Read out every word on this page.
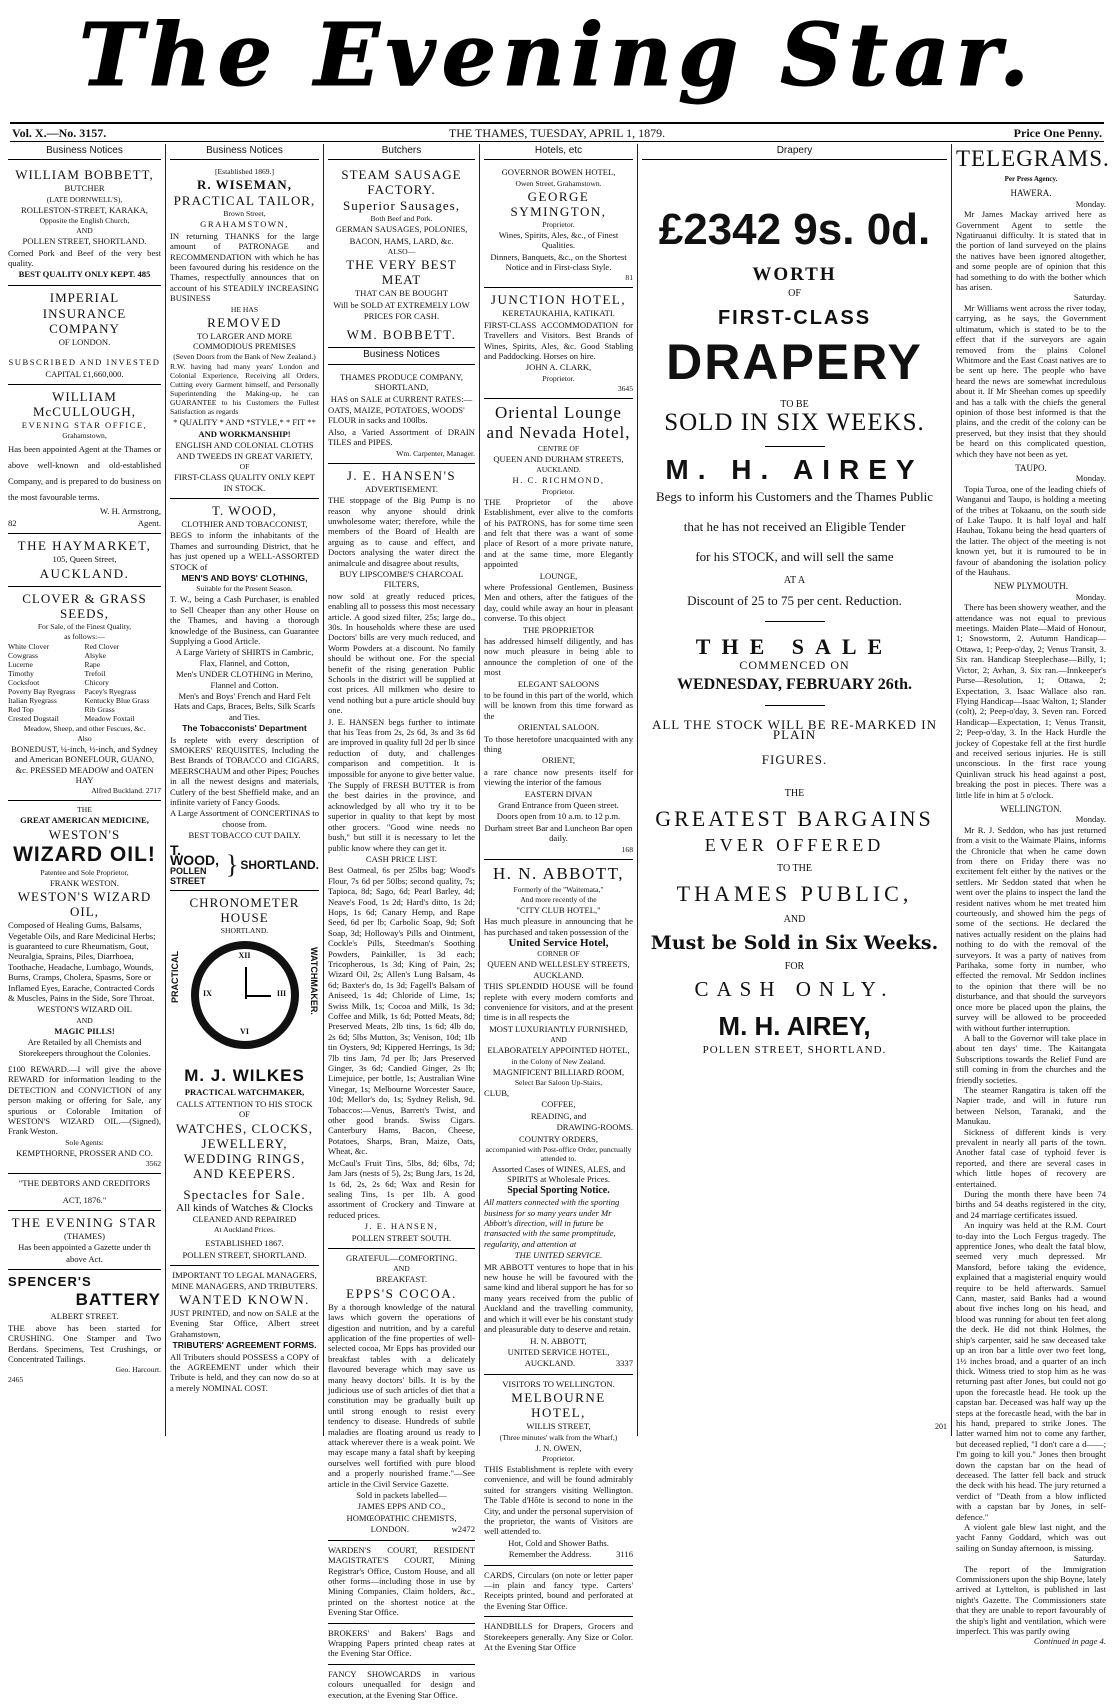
The Evening Star.
Vol. X.—No. 3157.	THE THAMES, TUESDAY, APRIL 1, 1879.	Price One Penny.
Business Notices

WILLIAM BOBBETT,

BUTCHER

(LATE DORNWELL'S),

ROLLESTON-STREET, KARAKA,

Opposite the English Church,

AND

POLLEN STREET, SHORTLAND.

Corned Pork and Beef of the very best quality.

BEST QUALITY ONLY KEPT. 485

IMPERIAL

INSURANCE COMPANY

OF LONDON.

SUBSCRIBED AND INVESTED

CAPITAL £1,660,000.

WILLIAM McCULLOUGH,

EVENING STAR OFFICE,

Grahamstown,

Has been appointed Agent at the Thames or above well-known and old-established Company, and is prepared to do business on the most favourable terms.

W. H. Armstrong,

82	Agent.

THE HAYMARKET,

105, Queen Street,

AUCKLAND.

CLOVER & GRASS SEEDS,

For Sale, of the Finest Quality,

as follows:—

White Clover	Red Clover
Cowgrass	Alsyke
Lucerne	Rape
Timothy	Trefoil
Cocksfoot	Chicory
Poverty Bay Ryegrass	Pacey's Ryegrass
Italian Ryegrass	Kentucky Blue Grass
Red Top	Rib Grass
Crested Dogstail	Meadow Foxtail

Meadow, Sheep, and other Fescues, &c.

Also

BONEDUST, ¼-inch, ½-inch, and Sydney and American BONEFLOUR, GUANO, &c. PRESSED MEADOW and OATEN HAY

Alfred Buckland. 2717

THE

GREAT AMERICAN MEDICINE,

WESTON'S

WIZARD OIL!

Patentee and Sole Proprietor,

FRANK WESTON.

WESTON'S WIZARD OIL,

Composed of Healing Gums, Balsams, Vegetable Oils, and Rare Medicinal Herbs; is guaranteed to cure Rheumatism, Gout, Neuralgia, Sprains, Piles, Diarrhoea, Toothache, Headache, Lumbago, Wounds, Burns, Cramps, Cholera, Spasms, Sore or Inflamed Eyes, Earache, Contracted Cords & Muscles, Pains in the Side, Sore Throat.

WESTON'S WIZARD OIL

AND

MAGIC PILLS!

Are Retailed by all Chemists and Storekeepers throughout the Colonies.

£100 REWARD.—I will give the above REWARD for information leading to the DETECTION and CONVICTION of any person making or offering for Sale, any spurious or Colorable Imitation of WESTON'S WIZARD OIL.—(Signed), Frank Weston.

Sole Agents:

KEMPTHORNE, PROSSER AND CO.

3562

"THE DEBTORS AND CREDITORS

ACT, 1876."

THE EVENING STAR

(THAMES)

Has been appointed a Gazette under th

above Act.

SPENCER'S

BATTERY

ALBERT STREET.

THE above has been started for CRUSHING. One Stamper and Two Berdans. Specimens, Test Crushings, or Concentrated Tailings.

Geo. Harcourt.

2465

Business Notices

[Established 1869.]

R. WISEMAN,

PRACTICAL TAILOR,

Brown Street,

GRAHAMSTOWN,

IN returning THANKS for the large amount of PATRONAGE and RECOMMENDATION with which he has been favoured during his residence on the Thames, respectfully announces that on account of his STEADILY INCREASING BUSINESS

HE HAS

REMOVED

TO LARGER AND MORE COMMODIOUS PREMISES

(Seven Doors from the Bank of New Zealand.)

R.W. having had many years' London and Colonial Experience, Receiving all Orders, Cutting every Garment himself, and Personally Superintending the Making-up, he can GUARANTEE to his Customers the Fullest Satisfaction as regards

* QUALITY * AND *STYLE,* * FIT **

AND WORKMANSHIP!

ENGLISH AND COLONIAL CLOTHS AND TWEEDS IN GREAT VARIETY,

OF

FIRST-CLASS QUALITY ONLY KEPT IN STOCK.

T. WOOD,

CLOTHIER AND TOBACCONIST,

BEGS to inform the inhabitants of the Thames and surrounding District, that he has just opened up a WELL-ASSORTED STOCK of

MEN'S AND BOYS' CLOTHING,

Suitable for the Present Season.

T. W., being a Cash Purchaser, is enabled to Sell Cheaper than any other House on the Thames, and having a thorough knowledge of the Business, can Guarantee Supplying a Good Article.

A Large Variety of SHIRTS in Cambric, Flax, Flannel, and Cotton,

Men's UNDER CLOTHING in Merino, Flannel and Cotton.

Men's and Boys' French and Hard Felt Hats and Caps, Braces, Belts, Silk Scarfs and Ties.

The Tobacconists' Department

Is replete with every description of SMOKERS' REQUISITES, Including the Best Brands of TOBACCO and CIGARS, MEERSCHAUM and other Pipes; Pouches in all the newest designs and materials, Cutlery of the best Sheffield make, and an infinite variety of Fancy Goods.

A Large Assortment of CONCERTINAS to choose from.

BEST TOBACCO CUT DAILY.

T. WOOD,
POLLEN STREET
} SHORTLAND.

CHRONOMETER HOUSE

SHORTLAND.

PRACTICAL	XII
III
VI
IX	WATCHMAKER.

M. J. WILKES

PRACTICAL WATCHMAKER,

CALLS ATTENTION TO HIS STOCK OF

WATCHES, CLOCKS, JEWELLERY, WEDDING RINGS, AND KEEPERS.

Spectacles for Sale.

All kinds of Watches & Clocks

CLEANED AND REPAIRED

At Auckland Prices.

ESTABLISHED 1867.

POLLEN STREET, SHORTLAND.

IMPORTANT TO LEGAL MANAGERS, MINE MANAGERS, AND TRIBUTERS.

WANTED KNOWN.

JUST PRINTED, and now on SALE at the Evening Star Office, Albert street Grahamstown,

TRIBUTERS' AGREEMENT FORMS.

All Tributers should POSSESS a COPY of the AGREEMENT under which their Tribute is held, and they can now do so at a merely NOMINAL COST.

Butchers

STEAM SAUSAGE FACTORY.

Superior Sausages,

Both Beef and Pork.

GERMAN SAUSAGES, POLONIES,

BACON, HAMS, LARD, &c.

ALSO—

THE VERY BEST MEAT

THAT CAN BE BOUGHT

Will be SOLD AT EXTREMELY LOW

PRICES FOR CASH.

WM. BOBBETT.

Business Notices

THAMES PRODUCE COMPANY, SHORTLAND,

HAS on SALE at CURRENT RATES:—

OATS, MAIZE, POTATOES, WOODS' FLOUR in sacks and 100lbs.

Also, a Varied Assortment of DRAIN TILES and PIPES.

Wm. Carpenter, Manager.

J. E. HANSEN'S

ADVERTISEMENT.

THE stoppage of the Big Pump is no reason why anyone should drink unwholesome water; therefore, while the members of the Board of Health are arguing as to cause and effect, and Doctors analysing the water direct the animalcule and disagree about results,

BUY LIPSCOMBE'S CHARCOAL FILTERS,

now sold at greatly reduced prices, enabling all to possess this most necessary article. A good sized filter, 25s; large do., 30s. In households where these are used Doctors' bills are very much reduced, and Worm Powders at a discount. No family should be without one. For the special benefit of the rising generation Public Schools in the district will be supplied at cost prices. All milkmen who desire to vend nothing but a pure article should buy one.

J. E. HANSEN begs further to intimate that his Teas from 2s, 2s 6d, 3s and 3s 6d are improved in quality full 2d per lb since reduction of duty, and challenges comparison and competition. It is impossible for anyone to give better value.

The Supply of FRESH BUTTER is from the best dairies in the province, and acknowledged by all who try it to be superior in quality to that kept by most other grocers. "Good wine needs no bush," but still it is necessary to let the public know where they can get it.

CASH PRICE LIST.

Best Oatmeal, 6s per 25lbs bag; Wood's Flour, 7s 6d per 50lbs; second quality, 7s; Tapioca, 8d; Sago, 6d; Pearl Barley, 4d; Neave's Food, 1s 2d; Hard's ditto, 1s 2d; Hops, 1s 6d; Canary Hemp, and Rape Seed, 6d per lb; Carbolic Soap, 9d; Soft Soap, 3d; Holloway's Pills and Ointment, Cockle's Pills, Steedman's Soothing Powders, Painkiller, 1s 3d each; Tricopherous, 1s 3d; King of Pain, 2s; Wizard Oil, 2s; Allen's Lung Balsam, 4s 6d; Baxter's do, 1s 3d; Fagell's Balsam of Aniseed, 1s 4d; Chloride of Lime, 1s; Swiss Milk, 1s; Cocoa and Milk, 1s 3d; Coffee and Milk, 1s 6d; Potted Meats, 8d; Preserved Meats, 2lb tins, 1s 6d; 4lb do, 2s 6d; 5lbs Mutton, 3s; Venison, 10d; 1lb tin Oysters, 9d; Kippered Herrings, 1s 3d; 7lb tins Jam, 7d per lb; Jars Preserved Ginger, 3s 6d; Candied Ginger, 2s lb; Limejuice, per bottle, 1s; Australian Wine Vinegar, 1s; Melbourne Worcester Sauce, 10d; Mellor's do, 1s; Sydney Relish, 9d. Tobaccos:—Venus, Barrett's Twist, and other good brands. Swiss Cigars. Canterbury Hams, Bacon, Cheese, Potatoes, Sharps, Bran, Maize, Oats, Wheat, &c.

McCaul's Fruit Tins, 5lbs, 8d; 6lbs, 7d; Jam Jars (nests of 5), 2s; Bung Jars, 1s 2d, 1s 6d, 2s, 2s 6d; Wax and Resin for sealing Tins, 1s per 1lb. A good assortment of Crockery and Tinware at reduced prices.

J. E. HANSEN,

POLLEN STREET SOUTH.

GRATEFUL—COMFORTING.

AND

BREAKFAST.

EPPS'S COCOA.

By a thorough knowledge of the natural laws which govern the operations of digestion and nutrition, and by a careful application of the fine properties of well-selected cocoa, Mr Epps has provided our breakfast tables with a delicately flavoured beverage which may save us many heavy doctors' bills. It is by the judicious use of such articles of diet that a constitution may be gradually built up until strong enough to resist every tendency to disease. Hundreds of subtle maladies are floating around us ready to attack wherever there is a weak point. We may escape many a fatal shaft by keeping ourselves well fortified with pure blood and a properly nourished frame."—See article in the Civil Service Gazette.

Sold in packets labelled—

JAMES EPPS AND CO.,

HOMŒOPATHIC CHEMISTS,

LONDON.	w2472

WARDEN'S COURT, RESIDENT MAGISTRATE'S COURT, Mining Registrar's Office, Custom House, and all other forms—including those in use by Mining Companies, Claim holders, &c., printed on the shortest notice at the Evening Star Office.

BROKERS' and Bakers' Bags and Wrapping Papers printed cheap rates at the Evening Star Office.

FANCY SHOWCARDS in various colours unequalled for design and execution, at the Evening Star Office.

Hotels, etc

GOVERNOR BOWEN HOTEL,

Owen Street, Grahamstown.

GEORGE SYMINGTON,

Proprietor.

Wines, Spirits, Ales, &c., of Finest Qualities.

Dinners, Banquets, &c., on the Shortest Notice and in First-class Style.

81

JUNCTION HOTEL,

KERETAUKAHIA, KATIKATI.

FIRST-CLASS ACCOMMODATION for Travellers and Visitors. Best Brands of Wines, Spirits, Ales, &c. Good Stabling and Paddocking. Horses on hire.

JOHN A. CLARK,

Proprietor.

3645

Oriental Lounge and Nevada Hotel,

CENTRE OF

QUEEN AND DURHAM STREETS,

AUCKLAND.

H. C. RICHMOND,

Proprietor.

THE Proprietor of the above Establishment, ever alive to the comforts of his PATRONS, has for some time seen and felt that there was a want of some place of Resort of a more private nature, and at the same time, more Elegantly appointed

LOUNGE,

where Professional Gentlemen, Business Men and others, after the fatigues of the day, could while away an hour in pleasant converse. To this object

THE PROPRIETOR

has addressed himself diligently, and has now much pleasure in being able to announce the completion of one of the most

ELEGANT SALOONS

to be found in this part of the world, which will be known from this time forward as the

ORIENTAL SALOON.

To those heretofore unacquainted with any thing

ORIENT,

a rare chance now presents itself for viewing the interior of the famous

EASTERN DIVAN

Grand Entrance from Queen street.

Doors open from 10 a.m. to 12 p.m.

Durham street Bar and Luncheon Bar open daily.

168

H. N. ABBOTT,

Formerly of the "Waitemata,"

And more recently of the

"CITY CLUB HOTEL,"

Has much pleasure in announcing that he has purchased and taken possession of the

United Service Hotel,

CORNER OF

QUEEN AND WELLESLEY STREETS, AUCKLAND.

THIS SPLENDID HOUSE will be found replete with every modern comforts and convenience for visitors, and at the present time is in all respects the

MOST LUXURIANTLY FURNISHED,

AND

ELABORATELY APPOINTED HOTEL,

in the Colony of New Zealand.

MAGNIFICENT BILLIARD ROOM,

Select Bar Saloon Up-Stairs,

CLUB,

COFFEE,

READING, and

DRAWING-ROOMS.

COUNTRY ORDERS,

accompanied with Post-office Order, punctually attended to.

Assorted Cases of WINES, ALES, and SPIRITS at Wholesale Prices.

Special Sporting Notice.

All matters connected with the sporting business for so many years under Mr Abbott's direction, will in future be transacted with the same promptitude, regularity, and attention at

THE UNITED SERVICE.

MR ABBOTT ventures to hope that in his new house he will be favoured with the same kind and liberal support he has for so many years received from the public of Auckland and the travelling community, and which it will ever be his constant study and pleasurable duty to deserve and retain.

H. N. ABBOTT,

UNITED SERVICE HOTEL,

AUCKLAND.	3337

VISITORS TO WELLINGTON.

MELBOURNE HOTEL,

WILLIS STREET,

(Three minutes' walk from the Wharf,)

J. N. OWEN,

Proprietor.

THIS Establishment is replete with every convenience, and will be found admirably suited for strangers visiting Wellington. The Table d'Hôte is second to none in the City, and under the personal supervision of the proprietor, the wants of Visitors are well attended to.

Hot, Cold and Shower Baths.

Remember the Address.	3116

CARDS, Circulars (on note or letter paper—in plain and fancy type. Carters' Receipts printed, bound and perforated at the Evening Star Office.

HANDBILLS for Drapers, Grocers and Storekeepers generally. Any Size or Color. At the Evening Star Office

Drapery
£2342 9s. 0d.
WORTH
OF
FIRST-CLASS
DRAPERY
TO BE
SOLD IN SIX WEEKS.
M. H. AIREY
Begs to inform his Customers and the Thames Public
that he has not received an Eligible Tender
for his STOCK, and will sell the same
AT A
Discount of 25 to 75 per cent. Reduction.
THE SALE
COMMENCED ON
WEDNESDAY, FEBRUARY 26th.
ALL THE STOCK WILL BE RE-MARKED IN PLAIN
FIGURES.
THE
GREATEST BARGAINS
EVER OFFERED
TO THE
THAMES PUBLIC,
AND
Must be Sold in Six Weeks.
FOR
CASH ONLY.
M. H. AIREY,
POLLEN STREET, SHORTLAND.
201
TELEGRAMS.
Per Press Agency.
HAWERA.
Monday.

Mr James Mackay arrived here as Government Agent to settle the Ngatiruanui difficulty. It is stated that in the portion of land surveyed on the plains the natives have been ignored altogether, and some people are of opinion that this had something to do with the bother which has arisen.

Saturday.

Mr Williams went across the river today, carrying, as he says, the Government ultimatum, which is stated to be to the effect that if the surveyors are again removed from the plains Colonel Whitmore and the East Coast natives are to be sent up here. The people who have heard the news are somewhat incredulous about it. If Mr Sheehan comes up speedily and has a talk with the chiefs the general opinion of those best informed is that the plains, and the credit of the colony can be preserved, but they insist that they should be heard on this complicated question, which they have not been as yet.

TAUPO.
Monday.

Topia Turoa, one of the leading chiefs of Wanganui and Taupo, is holding a meeting of the tribes at Tokaanu, on the south side of Lake Taupo. It is half loyal and half Hauhau, Tokanu being the head quarters of the latter. The object of the meeting is not known yet, but it is rumoured to be in favour of abandoning the isolation policy of the Hauhaus.

NEW PLYMOUTH.
Monday.

There has been showery weather, and the attendance was not equal to previous meetings. Maiden Plate—Maid of Honour, 1; Snowstorm, 2. Autumn Handicap—Ottawa, 1; Peep-o'day, 2; Venus Transit, 3. Six ran. Handicap Steeplechase—Billy, 1; Victor, 2; Avhan, 3. Six ran.—Innkeeper's Purse—Resolution, 1; Ottawa, 2; Expectation, 3. Isaac Wallace also ran. Flying Handicap—Isaac Walton, 1; Slander (colt), 2; Peep-o'day, 3. Seven ran. Forced Handicap—Expectation, 1; Venus Transit, 2; Peep-o'day, 3. In the Hack Hurdle the jockey of Copestake fell at the first hurdle and received serious injuries. He is still unconscious. In the first race young Quinlivan struck his head against a post, breaking the post in pieces. There was a little life in him at 5 o'clock.

WELLINGTON.
Monday.

Mr R. J. Seddon, who has just returned from a visit to the Waimate Plains, informs the Chronicle that when he came down from there on Friday there was no excitement felt either by the natives or the settlers. Mr Seddon stated that when he went over the plains to inspect the land the resident natives whom he met treated him courteously, and showed him the pegs of some of the sections. He declared the natives actually resident on the plains had nothing to do with the removal of the surveyors. It was a party of natives from Parihaka, some forty in number, who effected the removal. Mr Seddon inclines to the opinion that there will be no disturbance, and that should the surveyors once more be placed upon the plains, the survey will be allowed to be proceeded with without further interruption.

A ball to the Governor will take place in about ten days' time. The Kaitangata Subscriptions towards the Relief Fund are still coming in from the churches and the friendly societies.

The steamer Rangatira is taken off the Napier trade, and will in future run between Nelson, Taranaki, and the Manukau.

Sickness of different kinds is very prevalent in nearly all parts of the town. Another fatal case of typhoid fever is reported, and there are several cases in which little hopes of recovery are entertained.

During the month there have been 74 births and 54 deaths registered in the city, and 24 marriage certificates issued.

An inquiry was held at the R.M. Court to-day into the Loch Fergus tragedy. The apprentice Jones, who dealt the fatal blow, seemed very much depressed. Mr Mansford, before taking the evidence, explained that a magisterial enquiry would require to be held afterwards. Samuel Cann, master, said Banks had a wound about five inches long on his head, and blood was running for about ten feet along the deck. He did not think Holmes, the ship's carpenter, said he saw deceased take up an iron bar a little over two feet long, 1½ inches broad, and a quarter of an inch thick. Witness tried to stop him as he was returning past after Jones, but could not go upon the forecastle head. He took up the capstan bar. Deceased was half way up the steps at the forecastle head, with the bar in his hand, prepared to strike Jones. The latter warned him not to come any farther, but deceased replied, "I don't care a d——; I'm going to kill you." Jones then brought down the capstan bar on the head of deceased. The latter fell back and struck the deck with his head. The jury returned a verdict of "Death from a blow inflicted with a capstan bar by Jones, in self-defence."

A violent gale blew last night, and the yacht Fanny Goddard, which was out sailing on Sunday afternoon, is missing.

Saturday.

The report of the Immigration Commissioners upon the ship Boyne, lately arrived at Lyttelton, is published in last night's Gazette. The Commissioners state that they are unable to report favourably of the ship's light and ventilation, which were imperfect. This was partly owing

Continued in page 4.
